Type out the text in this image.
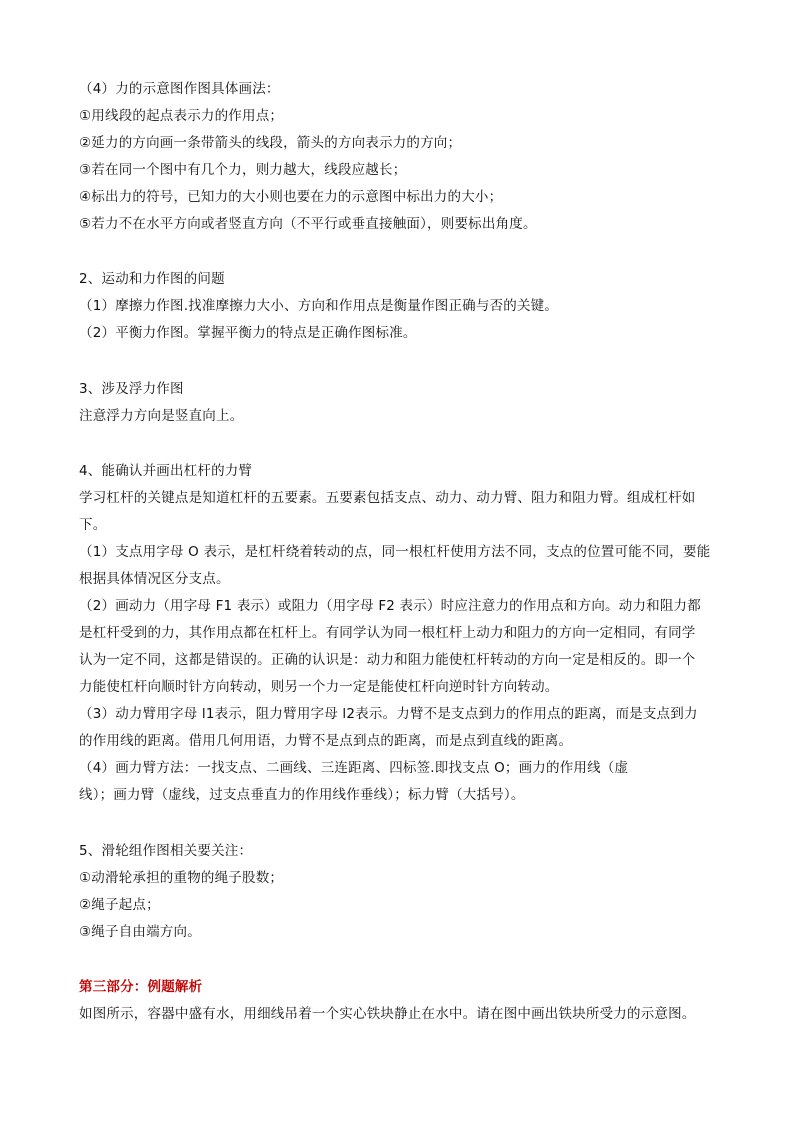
（4）力的示意图作图具体画法：
①用线段的起点表示力的作用点；
②延力的方向画一条带箭头的线段，箭头的方向表示力的方向；
③若在同一个图中有几个力，则力越大，线段应越长；
④标出力的符号，已知力的大小则也要在力的示意图中标出力的大小；
⑤若力不在水平方向或者竖直方向（不平行或垂直接触面），则要标出角度。
2、运动和力作图的问题
（1）摩擦力作图.找准摩擦力大小、方向和作用点是衡量作图正确与否的关键。
（2）平衡力作图。掌握平衡力的特点是正确作图标准。
3、涉及浮力作图
注意浮力方向是竖直向上。
4、能确认并画出杠杆的力臂
学习杠杆的关键点是知道杠杆的五要素。五要素包括支点、动力、动力臂、阻力和阻力臂。组成杠杆如
下。
（1）支点用字母 O 表示，是杠杆绕着转动的点，同一根杠杆使用方法不同，支点的位置可能不同，要能
根据具体情况区分支点。
（2）画动力（用字母 F1 表示）或阻力（用字母 F2 表示）时应注意力的作用点和方向。动力和阻力都
是杠杆受到的力，其作用点都在杠杆上。有同学认为同一根杠杆上动力和阻力的方向一定相同，有同学
认为一定不同，这都是错误的。正确的认识是：动力和阻力能使杠杆转动的方向一定是相反的。即一个
力能使杠杆向顺时针方向转动，则另一个力一定是能使杠杆向逆时针方向转动。
（3）动力臂用字母 l1表示，阻力臂用字母 l2表示。力臂不是支点到力的作用点的距离，而是支点到力
的作用线的距离。借用几何用语，力臂不是点到点的距离，而是点到直线的距离。
（4）画力臂方法：一找支点、二画线、三连距离、四标签.即找支点 O；画力的作用线（虚
线）；画力臂（虚线，过支点垂直力的作用线作垂线）；标力臂（大括号）。
5、滑轮组作图相关要关注：
①动滑轮承担的重物的绳子股数；
②绳子起点；
③绳子自由端方向。
第三部分：例题解析
如图所示，容器中盛有水，用细线吊着一个实心铁块静止在水中。请在图中画出铁块所受力的示意图。
